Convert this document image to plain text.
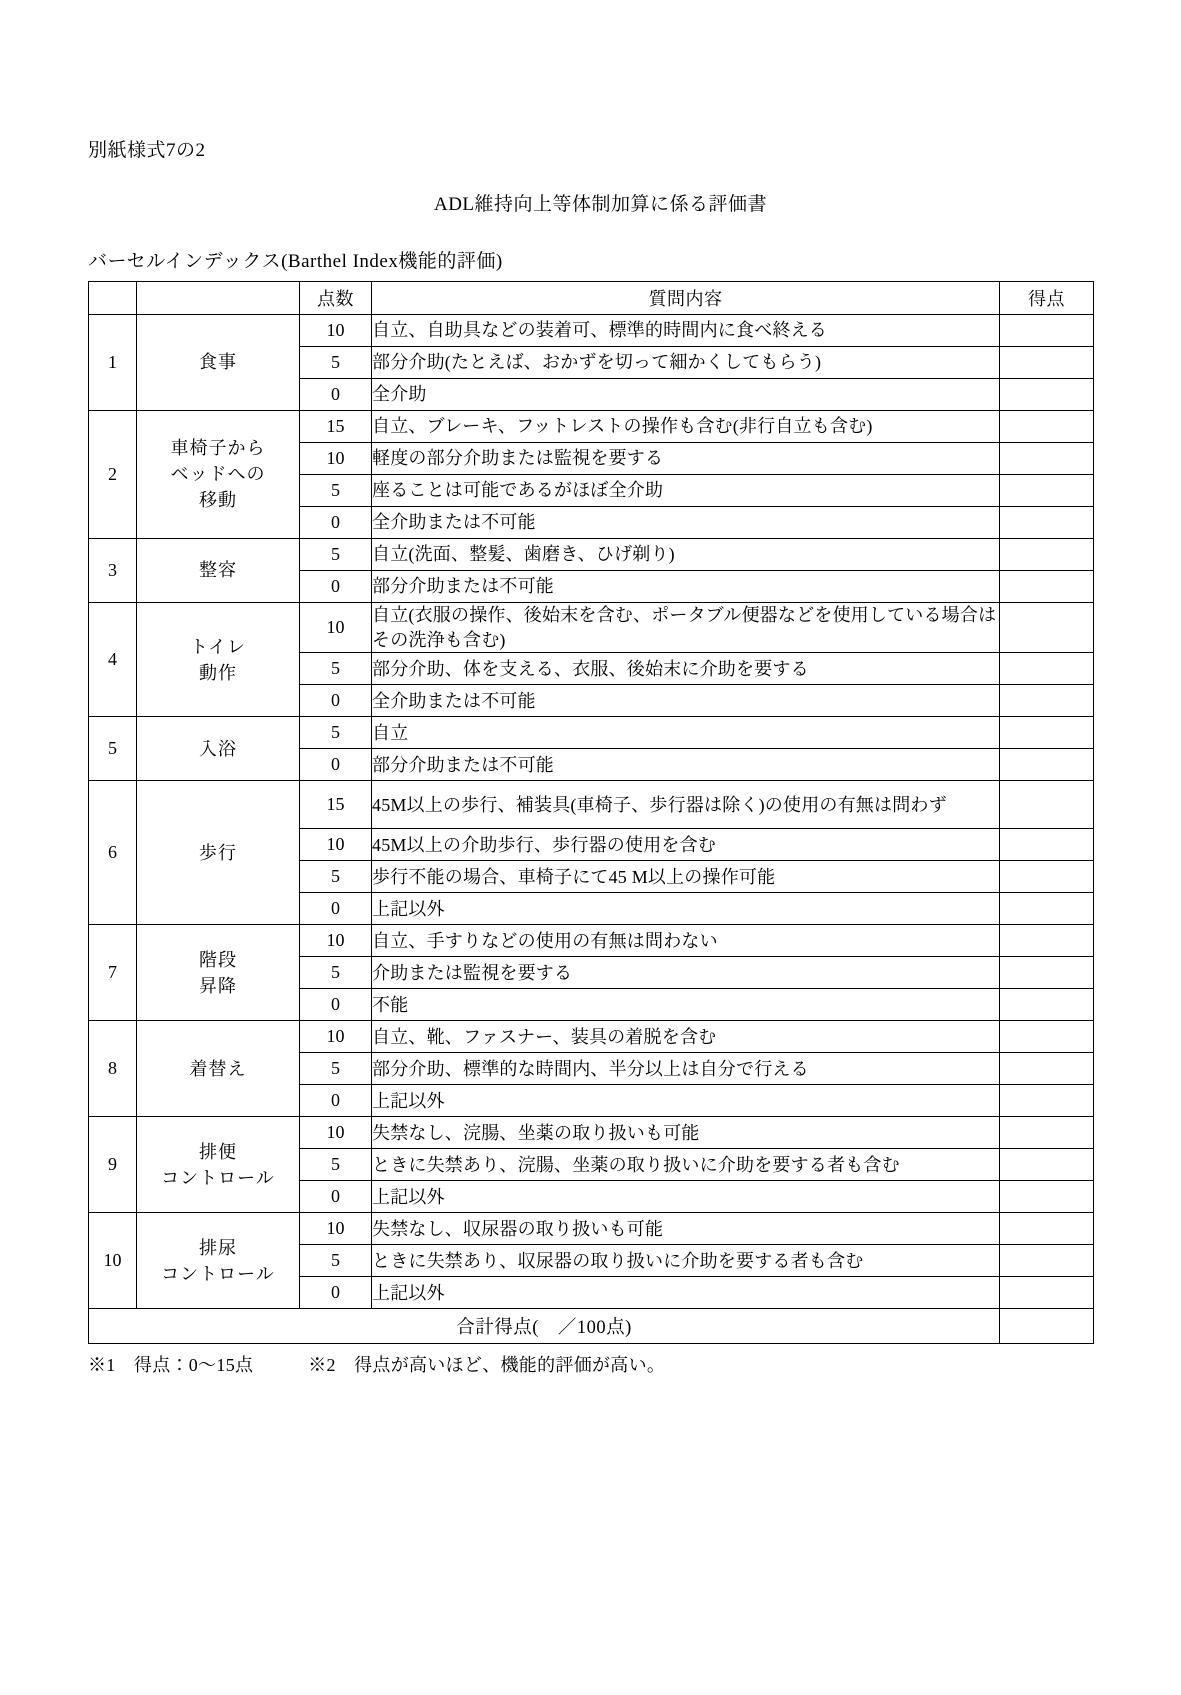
別紙様式7の2
ADL維持向上等体制加算に係る評価書
バーセルインデックス(Barthel Index機能的評価)
		点数	質問内容	得点
1	食事	10	自立、自助具などの装着可、標準的時間内に食べ終える	
		5	部分介助(たとえば、おかずを切って細かくしてもらう)	
		0	全介助	
2	車椅子から
ベッドへの
移動	15	自立、ブレーキ、フットレストの操作も含む(非行自立も含む)	
		10	軽度の部分介助または監視を要する	
		5	座ることは可能であるがほぼ全介助	
		0	全介助または不可能	
3	整容	5	自立(洗面、整髪、歯磨き、ひげ剃り)	
		0	部分介助または不可能	
4	トイレ
動作	10	自立(衣服の操作、後始末を含む、ポータブル便器などを使用している場合はその洗浄も含む)	
		5	部分介助、体を支える、衣服、後始末に介助を要する	
		0	全介助または不可能	
5	入浴	5	自立	
		0	部分介助または不可能	
6	歩行	15	45M以上の歩行、補装具(車椅子、歩行器は除く)の使用の有無は問わず	
		10	45M以上の介助歩行、歩行器の使用を含む	
		5	歩行不能の場合、車椅子にて45 M以上の操作可能	
		0	上記以外	
7	階段
昇降	10	自立、手すりなどの使用の有無は問わない	
		5	介助または監視を要する	
		0	不能	
8	着替え	10	自立、靴、ファスナー、装具の着脱を含む	
		5	部分介助、標準的な時間内、半分以上は自分で行える	
		0	上記以外	
9	排便
コントロール	10	失禁なし、浣腸、坐薬の取り扱いも可能	
		5	ときに失禁あり、浣腸、坐薬の取り扱いに介助を要する者も含む	
		0	上記以外	
10	排尿
コントロール	10	失禁なし、収尿器の取り扱いも可能	
		5	ときに失禁あり、収尿器の取り扱いに介助を要する者も含む	
		0	上記以外	
合計得点(　／100点)				
※1　得点：0〜15点　　　※2　得点が高いほど、機能的評価が高い。
